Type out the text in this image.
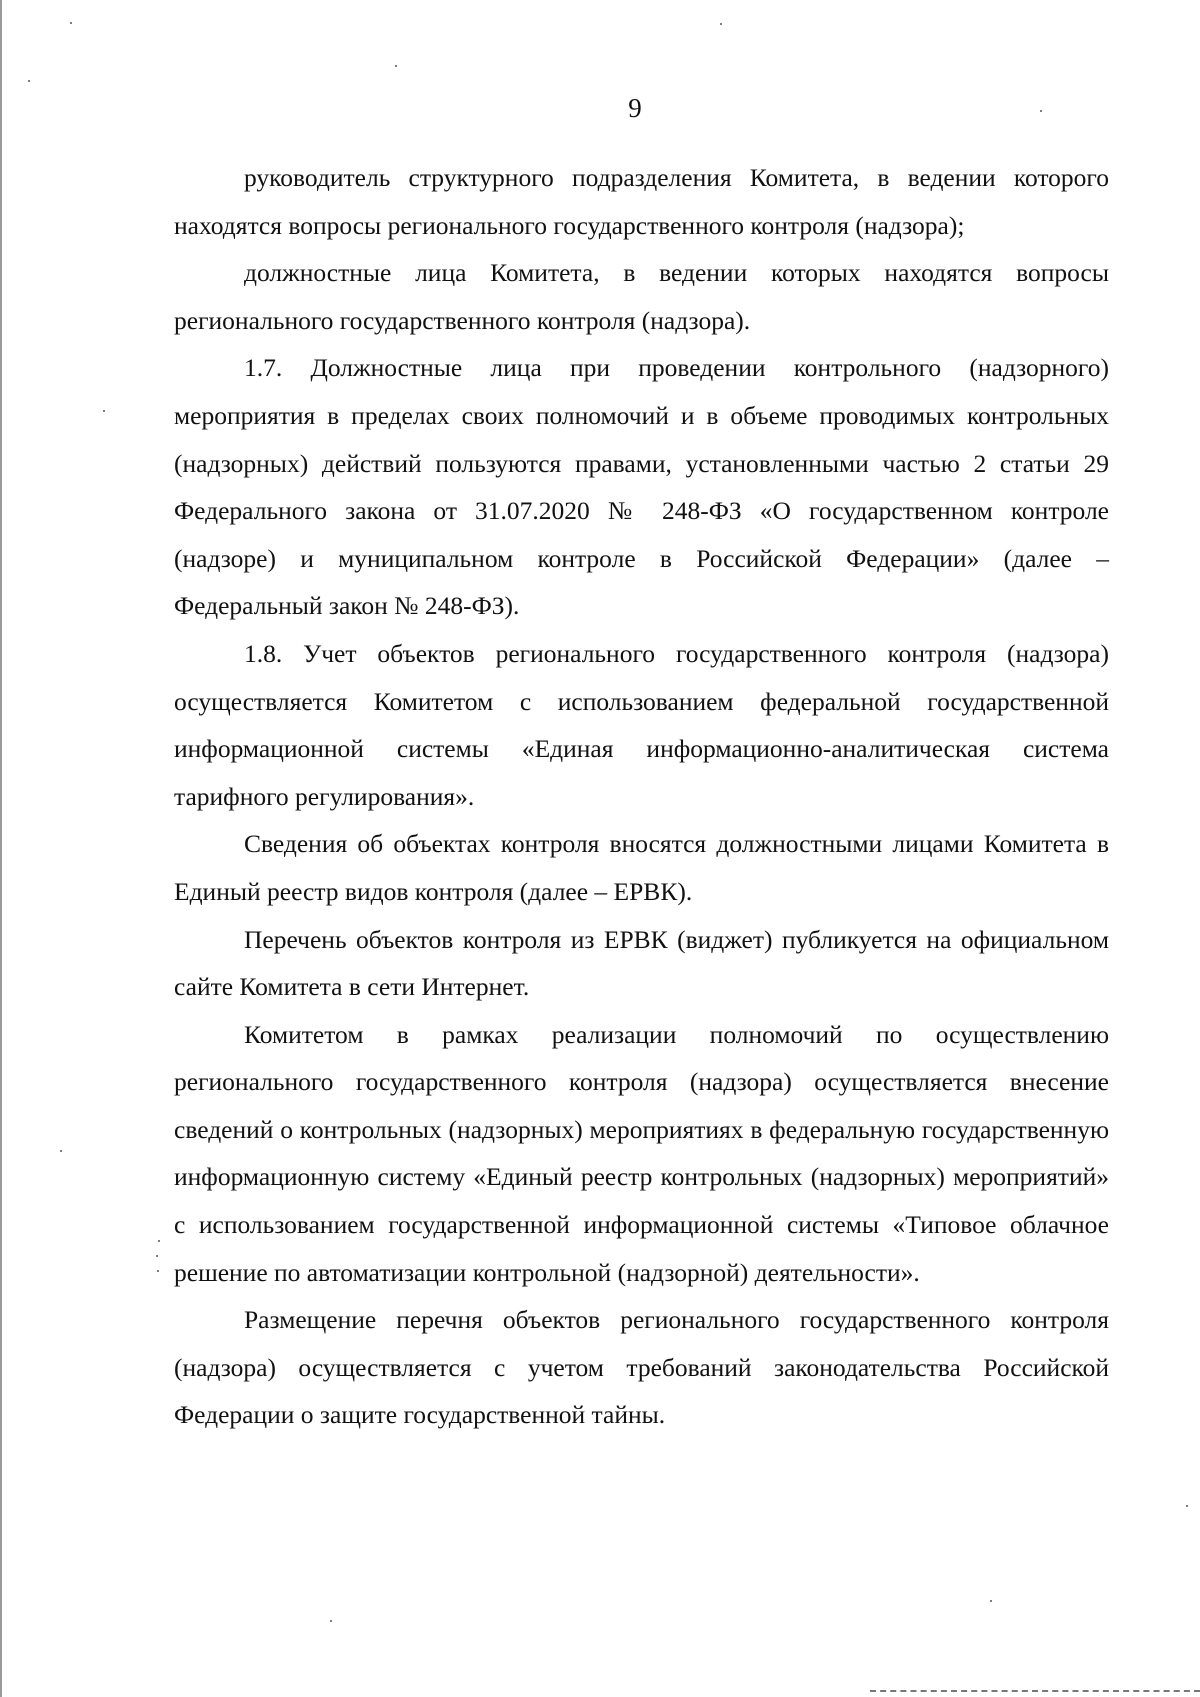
9

руководитель структурного подразделения Комитета, в ведении которого находятся вопросы регионального государственного контроля (надзора);

должностные лица Комитета, в ведении которых находятся вопросы регионального государственного контроля (надзора).

1.7. Должностные лица при проведении контрольного (надзорного) мероприятия в пределах своих полномочий и в объеме проводимых контрольных (надзорных) действий пользуются правами, установленными частью 2 статьи 29 Федерального закона от 31.07.2020 № 248-ФЗ «О государственном контроле (надзоре) и муниципальном контроле в Российской Федерации» (далее – Федеральный закон № 248-ФЗ).

1.8. Учет объектов регионального государственного контроля (надзора) осуществляется Комитетом с использованием федеральной государственной информационной системы «Единая информационно-аналитическая система тарифного регулирования».

Сведения об объектах контроля вносятся должностными лицами Комитета в Единый реестр видов контроля (далее – ЕРВК).

Перечень объектов контроля из ЕРВК (виджет) публикуется на официальном сайте Комитета в сети Интернет.

Комитетом в рамках реализации полномочий по осуществлению регионального государственного контроля (надзора) осуществляется внесение сведений о контрольных (надзорных) мероприятиях в федеральную государственную информационную систему «Единый реестр контрольных (надзорных) мероприятий» с использованием государственной информационной системы «Типовое облачное решение по автоматизации контрольной (надзорной) деятельности».

Размещение перечня объектов регионального государственного контроля (надзора) осуществляется с учетом требований законодательства Российской Федерации о защите государственной тайны.
